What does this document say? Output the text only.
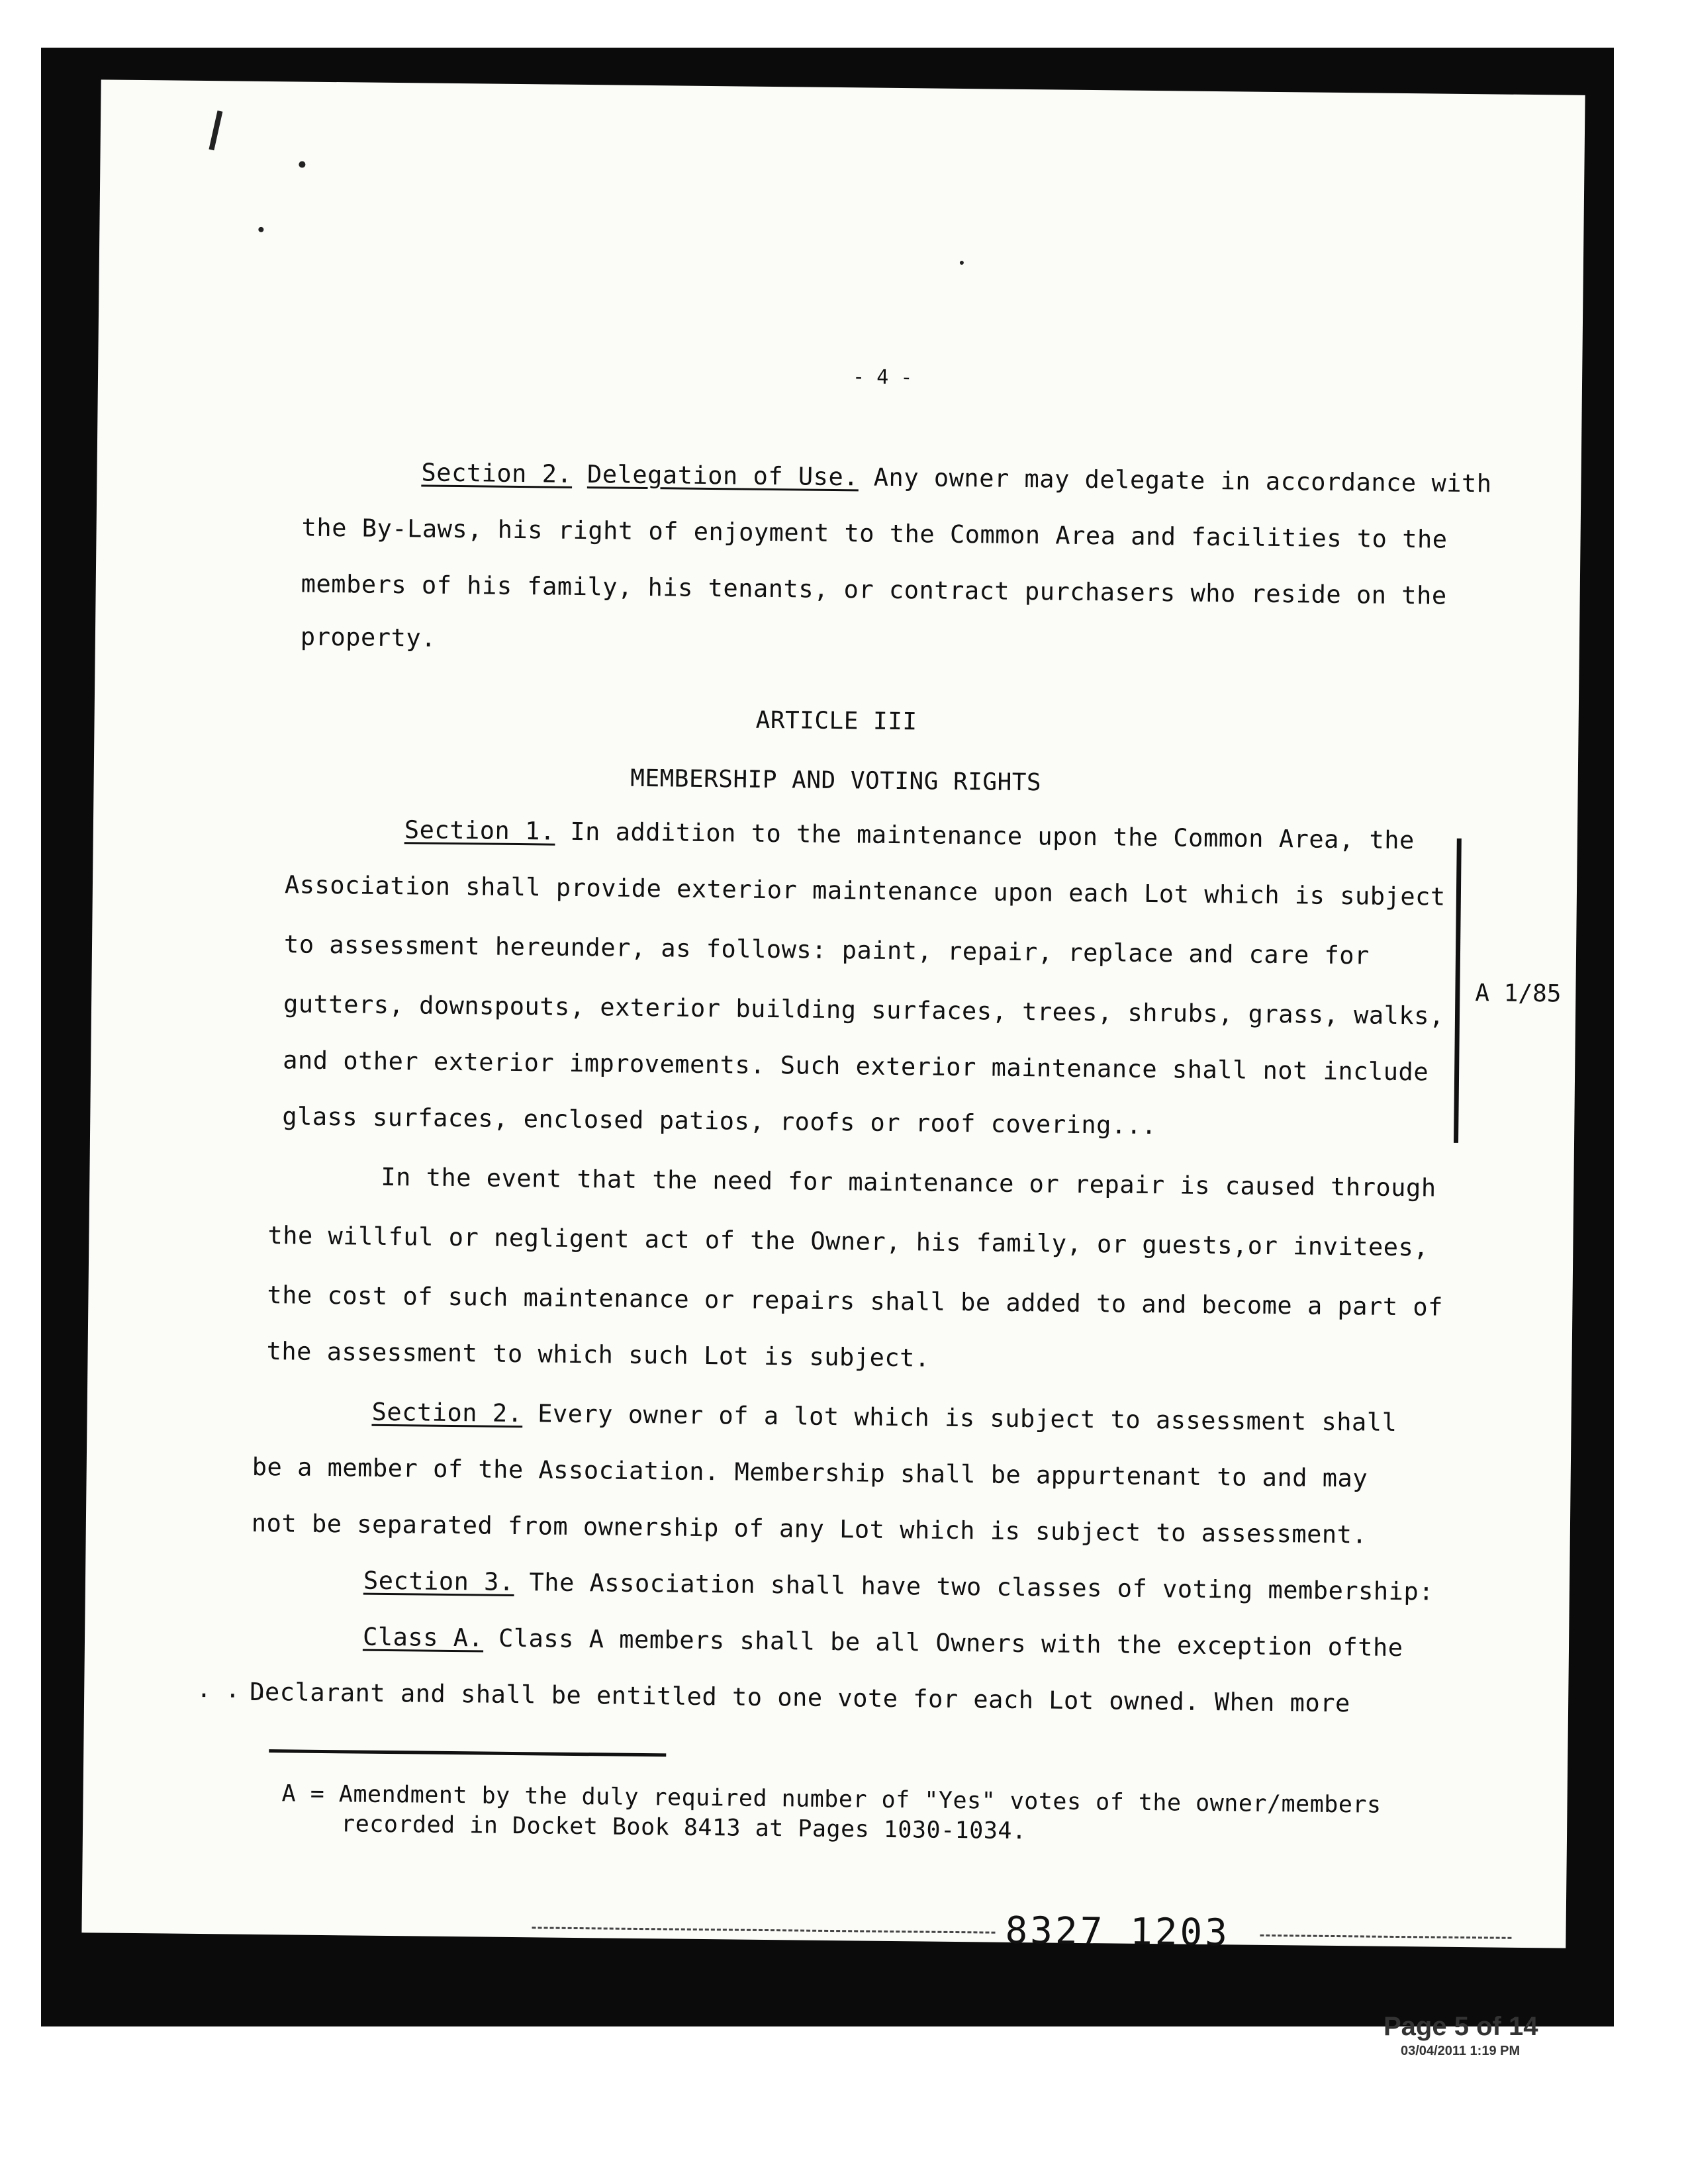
- 4 -
Section 2. Delegation of Use. Any owner may delegate in accordance with
the By-Laws, his right of enjoyment to the Common Area and facilities to the
members of his family, his tenants, or contract purchasers who reside on the
property.
ARTICLE III
MEMBERSHIP AND VOTING RIGHTS
Section 1. In addition to the maintenance upon the Common Area, the
Association shall provide exterior maintenance upon each Lot which is subject
to assessment hereunder, as follows: paint, repair, replace and care for
gutters, downspouts, exterior building surfaces, trees, shrubs, grass, walks,
and other exterior improvements. Such exterior maintenance shall not include
glass surfaces, enclosed patios, roofs or roof covering...
A 1/85
In the event that the need for maintenance or repair is caused through
the willful or negligent act of the Owner, his family, or guests,or invitees,
the cost of such maintenance or repairs shall be added to and become a part of
the assessment to which such Lot is subject.
Section 2. Every owner of a lot which is subject to assessment shall
be a member of the Association. Membership shall be appurtenant to and may
not be separated from ownership of any Lot which is subject to assessment.
Section 3. The Association shall have two classes of voting membership:
Class A. Class A members shall be all Owners with the exception ofthe
. . .
Declarant and shall be entitled to one vote for each Lot owned. When more
A = Amendment by the duly required number of "Yes" votes of the owner/members
recorded in Docket Book 8413 at Pages 1030-1034.
8327 1203
Page 5 of 14
03/04/2011 1:19 PM
